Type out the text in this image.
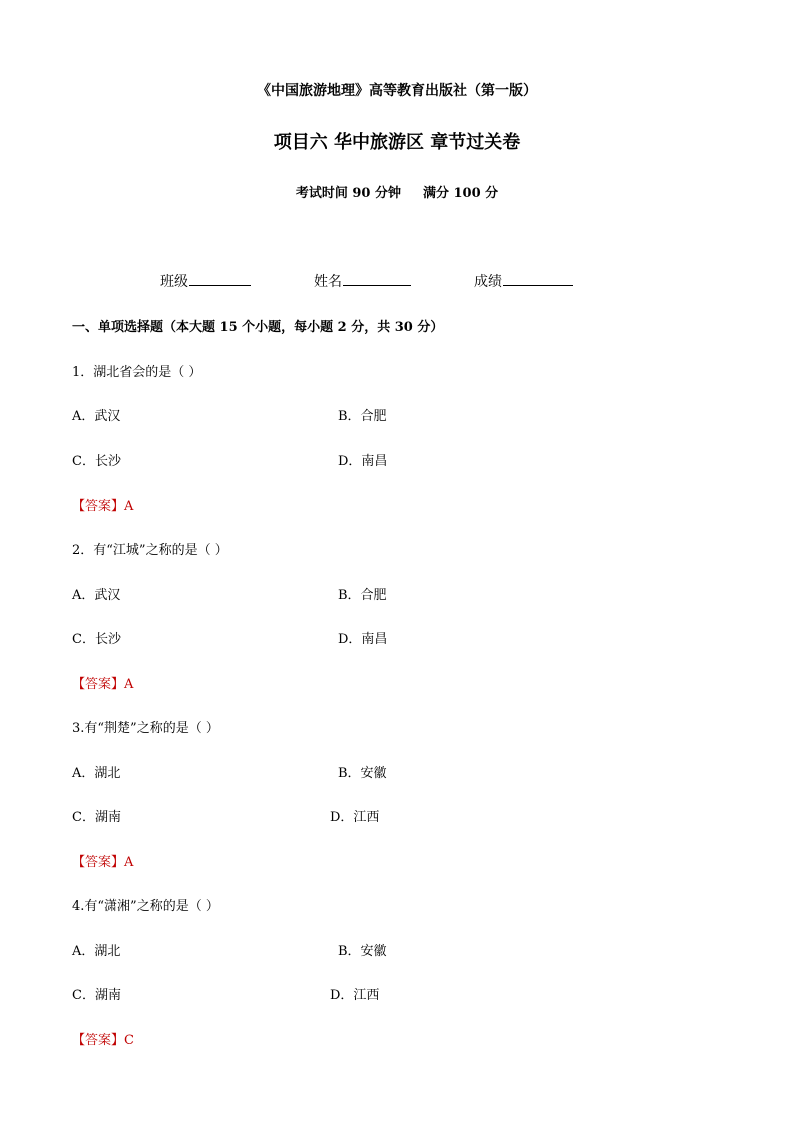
《中国旅游地理》高等教育出版社（第一版）
项目六 华中旅游区 章节过关卷
考试时间 90 分钟 满分 100 分
班级	姓名	成绩
一、单项选择题（本大题 15 个小题，每小题 2 分，共 30 分）
1．湖北省会的是（ ）
A．武汉	B．合肥
C．长沙	D．南昌
【答案】A
2．有“江城”之称的是（ ）
A．武汉	B．合肥
C．长沙	D．南昌
【答案】A
3.有“荆楚”之称的是（ ）
A．湖北	B．安徽
C．湖南	D．江西
【答案】A
4.有“潇湘”之称的是（ ）
A．湖北	B．安徽
C．湖南	D．江西
【答案】C
